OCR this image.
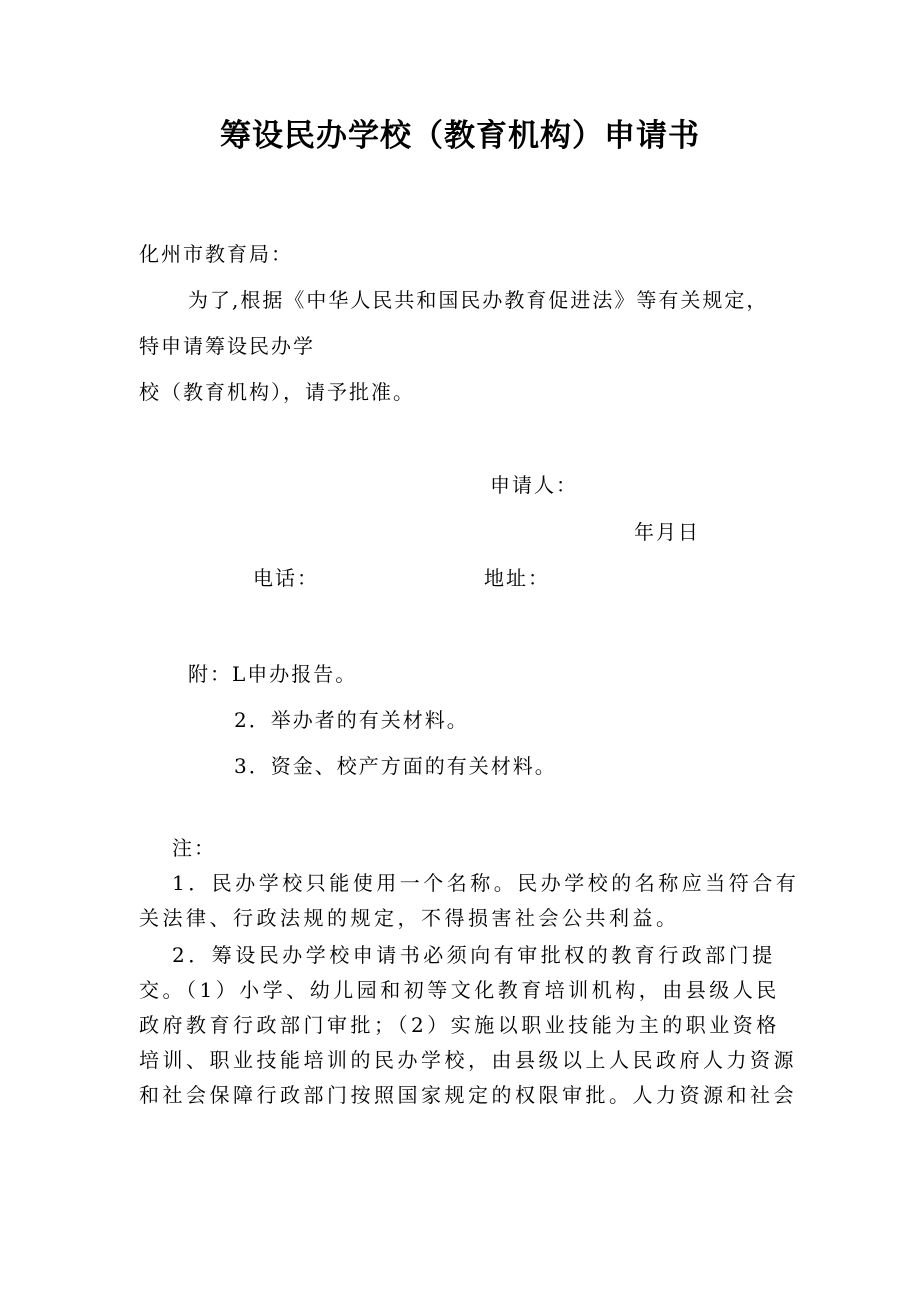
筹设民办学校（教育机构）申请书
化州市教育局：
为了,根据《中华人民共和国民办教育促进法》等有关规定，
特申请筹设民办学
校（教育机构），请予批准。
申请人：
年月日
电话：	地址：
附：L申办报告。
2．举办者的有关材料。
3．资金、校产方面的有关材料。
注：
1．民办学校只能使用一个名称。民办学校的名称应当符合有
关法律、行政法规的规定，不得损害社会公共利益。
2．筹设民办学校申请书必须向有审批权的教育行政部门提
交。（1）小学、幼儿园和初等文化教育培训机构，由县级人民
政府教育行政部门审批；（2）实施以职业技能为主的职业资格
培训、职业技能培训的民办学校，由县级以上人民政府人力资源
和社会保障行政部门按照国家规定的权限审批。人力资源和社会
